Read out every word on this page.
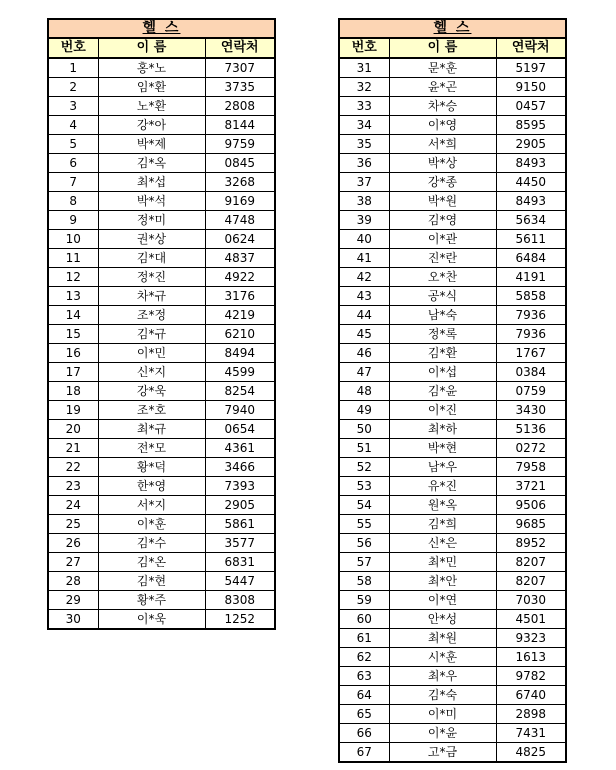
헬 스		
번호	이 름	연락처
1	홍*노	7307
2	임*환	3735
3	노*환	2808
4	강*아	8144
5	박*제	9759
6	김*옥	0845
7	최*섭	3268
8	박*석	9169
9	정*미	4748
10	권*상	0624
11	김*대	4837
12	정*진	4922
13	차*규	3176
14	조*정	4219
15	김*규	6210
16	이*민	8494
17	신*지	4599
18	강*욱	8254
19	조*호	7940
20	최*규	0654
21	전*모	4361
22	황*덕	3466
23	한*영	7393
24	서*지	2905
25	이*훈	5861
26	김*수	3577
27	김*온	6831
28	김*현	5447
29	황*주	8308
30	이*욱	1252
헬 스		
번호	이 름	연락처
31	문*훈	5197
32	윤*곤	9150
33	차*승	0457
34	이*영	8595
35	서*희	2905
36	박*상	8493
37	강*종	4450
38	박*원	8493
39	김*영	5634
40	이*관	5611
41	진*란	6484
42	오*찬	4191
43	공*식	5858
44	남*숙	7936
45	정*록	7936
46	김*환	1767
47	이*섭	0384
48	김*윤	0759
49	이*진	3430
50	최*하	5136
51	박*현	0272
52	남*우	7958
53	유*진	3721
54	원*옥	9506
55	김*희	9685
56	신*은	8952
57	최*민	8207
58	최*안	8207
59	이*연	7030
60	안*성	4501
61	최*원	9323
62	시*훈	1613
63	최*우	9782
64	김*숙	6740
65	이*미	2898
66	이*윤	7431
67	고*금	4825
